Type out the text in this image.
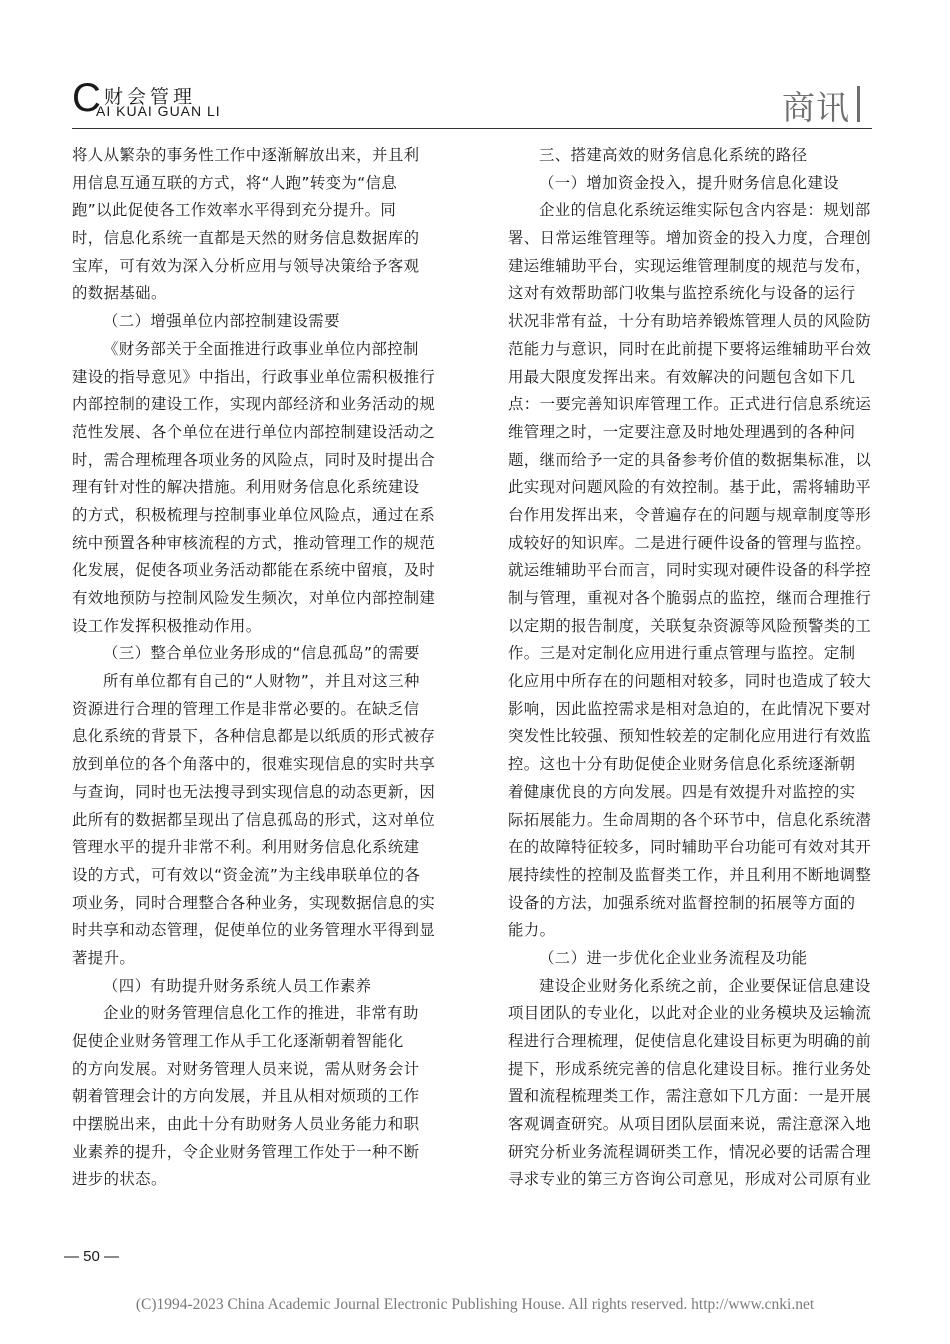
C 财会管理
AI KUAI GUAN LI	商讯
将人从繁杂的事务性工作中逐渐解放出来，并且利
用信息互通互联的方式，将“人跑”转变为“信息
跑”以此促使各工作效率水平得到充分提升。同
时，信息化系统一直都是天然的财务信息数据库的
宝库，可有效为深入分析应用与领导决策给予客观
的数据基础。
（二）增强单位内部控制建设需要
《财务部关于全面推进行政事业单位内部控制
建设的指导意见》中指出，行政事业单位需积极推行
内部控制的建设工作，实现内部经济和业务活动的规
范性发展、各个单位在进行单位内部控制建设活动之
时，需合理梳理各项业务的风险点，同时及时提出合
理有针对性的解决措施。利用财务信息化系统建设
的方式，积极梳理与控制事业单位风险点，通过在系
统中预置各种审核流程的方式，推动管理工作的规范
化发展，促使各项业务活动都能在系统中留痕，及时
有效地预防与控制风险发生频次，对单位内部控制建
设工作发挥积极推动作用。
（三）整合单位业务形成的“信息孤岛”的需要
所有单位都有自己的“人财物”，并且对这三种
资源进行合理的管理工作是非常必要的。在缺乏信
息化系统的背景下，各种信息都是以纸质的形式被存
放到单位的各个角落中的，很难实现信息的实时共享
与查询，同时也无法搜寻到实现信息的动态更新，因
此所有的数据都呈现出了信息孤岛的形式，这对单位
管理水平的提升非常不利。利用财务信息化系统建
设的方式，可有效以“资金流”为主线串联单位的各
项业务，同时合理整合各种业务，实现数据信息的实
时共享和动态管理，促使单位的业务管理水平得到显
著提升。
（四）有助提升财务系统人员工作素养
企业的财务管理信息化工作的推进，非常有助
促使企业财务管理工作从手工化逐渐朝着智能化
的方向发展。对财务管理人员来说，需从财务会计
朝着管理会计的方向发展，并且从相对烦琐的工作
中摆脱出来，由此十分有助财务人员业务能力和职
业素养的提升，令企业财务管理工作处于一种不断
进步的状态。
三、搭建高效的财务信息化系统的路径
（一）增加资金投入，提升财务信息化建设
企业的信息化系统运维实际包含内容是：规划部
署、日常运维管理等。增加资金的投入力度，合理创
建运维辅助平台，实现运维管理制度的规范与发布，
这对有效帮助部门收集与监控系统化与设备的运行
状况非常有益，十分有助培养锻炼管理人员的风险防
范能力与意识，同时在此前提下要将运维辅助平台效
用最大限度发挥出来。有效解决的问题包含如下几
点：一要完善知识库管理工作。正式进行信息系统运
维管理之时，一定要注意及时地处理遇到的各种问
题，继而给予一定的具备参考价值的数据集标准，以
此实现对问题风险的有效控制。基于此，需将辅助平
台作用发挥出来，令普遍存在的问题与规章制度等形
成较好的知识库。二是进行硬件设备的管理与监控。
就运维辅助平台而言，同时实现对硬件设备的科学控
制与管理，重视对各个脆弱点的监控，继而合理推行
以定期的报告制度，关联复杂资源等风险预警类的工
作。三是对定制化应用进行重点管理与监控。定制
化应用中所存在的问题相对较多，同时也造成了较大
影响，因此监控需求是相对急迫的，在此情况下要对
突发性比较强、预知性较差的定制化应用进行有效监
控。这也十分有助促使企业财务信息化系统逐渐朝
着健康优良的方向发展。四是有效提升对监控的实
际拓展能力。生命周期的各个环节中，信息化系统潜
在的故障特征较多，同时辅助平台功能可有效对其开
展持续性的控制及监督类工作，并且利用不断地调整
设备的方法，加强系统对监督控制的拓展等方面的
能力。
（二）进一步优化企业业务流程及功能
建设企业财务化系统之前，企业要保证信息建设
项目团队的专业化，以此对企业的业务模块及运输流
程进行合理梳理，促使信息化建设目标更为明确的前
提下，形成系统完善的信息化建设目标。推行业务处
置和流程梳理类工作，需注意如下几方面：一是开展
客观调查研究。从项目团队层面来说，需注意深入地
研究分析业务流程调研类工作，情况必要的话需合理
寻求专业的第三方咨询公司意见，形成对公司原有业
— 50 —
(C)1994-2023 China Academic Journal Electronic Publishing House. All rights reserved. http://www.cnki.net
